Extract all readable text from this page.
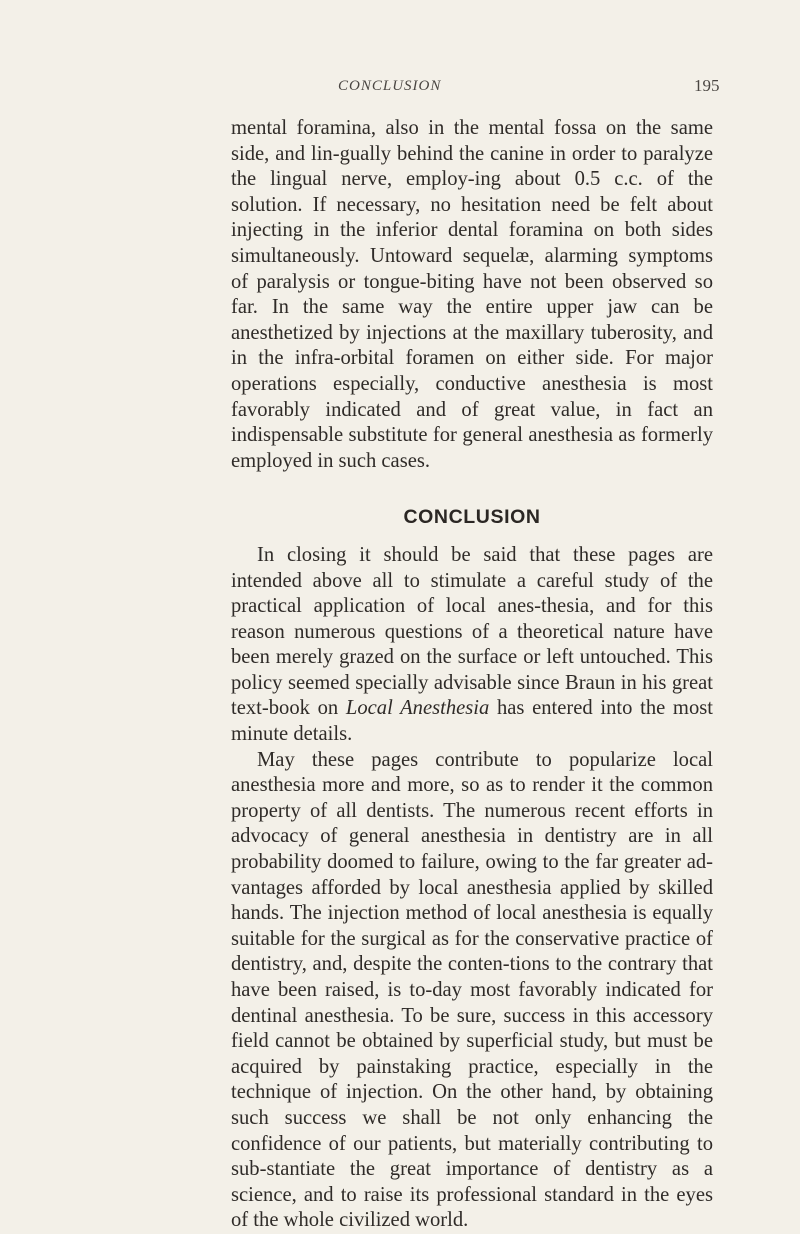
CONCLUSION	195

mental foramina, also in the mental fossa on the same side, and lin-gually behind the canine in order to paralyze the lingual nerve, employ-ing about 0.5 c.c. of the solution. If necessary, no hesitation need be felt about injecting in the inferior dental foramina on both sides simultaneously. Untoward sequelæ, alarming symptoms of paralysis or tongue-biting have not been observed so far. In the same way the entire upper jaw can be anesthetized by injections at the maxillary tuberosity, and in the infra-orbital foramen on either side. For major operations especially, conductive anesthesia is most favorably indicated and of great value, in fact an indispensable substitute for general anesthesia as formerly employed in such cases.

CONCLUSION

In closing it should be said that these pages are intended above all to stimulate a careful study of the practical application of local anes-thesia, and for this reason numerous questions of a theoretical nature have been merely grazed on the surface or left untouched. This policy seemed specially advisable since Braun in his great text-book on Local Anesthesia has entered into the most minute details.

May these pages contribute to popularize local anesthesia more and more, so as to render it the common property of all dentists. The numerous recent efforts in advocacy of general anesthesia in dentistry are in all probability doomed to failure, owing to the far greater ad-vantages afforded by local anesthesia applied by skilled hands. The injection method of local anesthesia is equally suitable for the surgical as for the conservative practice of dentistry, and, despite the conten-tions to the contrary that have been raised, is to-day most favorably indicated for dentinal anesthesia. To be sure, success in this accessory field cannot be obtained by superficial study, but must be acquired by painstaking practice, especially in the technique of injection. On the other hand, by obtaining such success we shall be not only enhancing the confidence of our patients, but materially contributing to sub-stantiate the great importance of dentistry as a science, and to raise its professional standard in the eyes of the whole civilized world.
